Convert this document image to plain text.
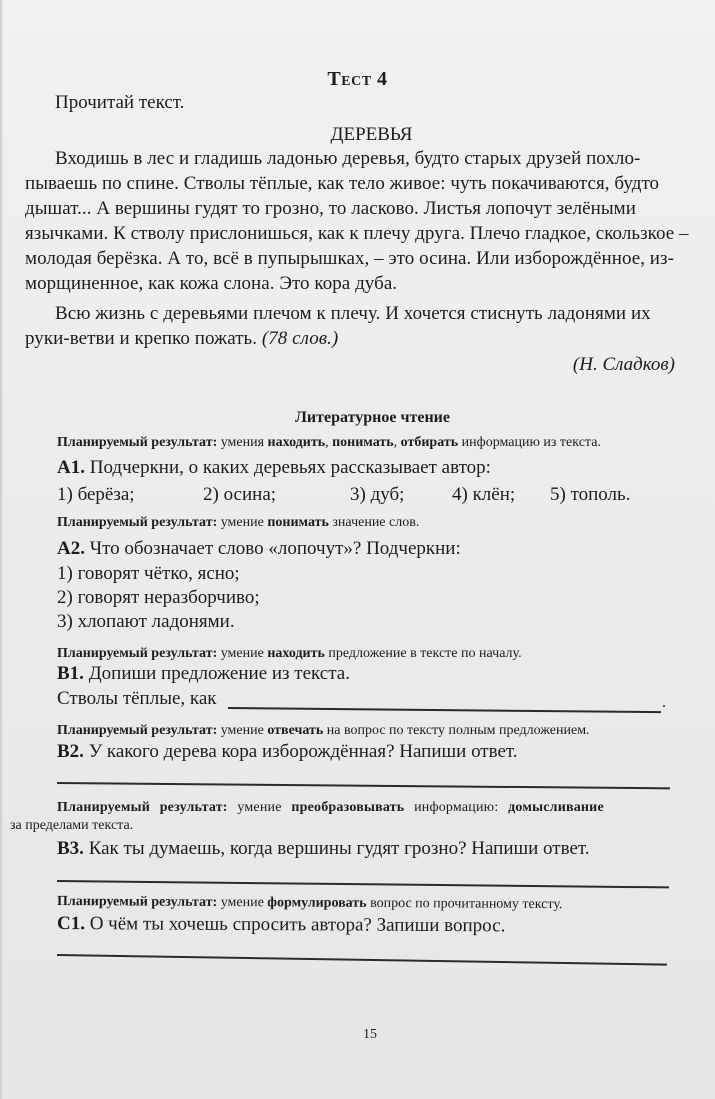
Тест 4
Прочитай текст.
ДЕРЕВЬЯ
Входишь в лес и гладишь ладонью деревья, будто старых друзей похло-
пываешь по спине. Стволы тёплые, как тело живое: чуть покачиваются, будто
дышат... А вершины гудят то грозно, то ласково. Листья лопочут зелёными
язычками. К стволу прислонишься, как к плечу друга. Плечо гладкое, скользкое –
молодая берёзка. А то, всё в пупырышках, – это осина. Или изборождённое, из-
морщиненное, как кожа слона. Это кора дуба.
Всю жизнь с деревьями плечом к плечу. И хочется стиснуть ладонями их
руки-ветви и крепко пожать. (78 слов.)
(Н. Сладков)
Литературное чтение
Планируемый результат: умения находить, понимать, отбирать информацию из текста.
А1. Подчеркни, о каких деревьях рассказывает автор:
1) берёза;	2) осина;	3) дуб;	4) клён; 5) тополь.
Планируемый результат: умение понимать значение слов.
А2. Что обозначает слово «лопочут»? Подчеркни:
1) говорят чётко, ясно;
2) говорят неразборчиво;
3) хлопают ладонями.
Планируемый результат: умение находить предложение в тексте по началу.
В1. Допиши предложение из текста.
Стволы тёплые, как	.
Планируемый результат: умение отвечать на вопрос по тексту полным предложением.
В2. У какого дерева кора изборождённая? Напиши ответ.
Планируемый результат: умение преобразовывать информацию: домысливание
за пределами текста.
В3. Как ты думаешь, когда вершины гудят грозно? Напиши ответ.
Планируемый результат: умение формулировать вопрос по прочитанному тексту.
С1. О чём ты хочешь спросить автора? Запиши вопрос.
15
